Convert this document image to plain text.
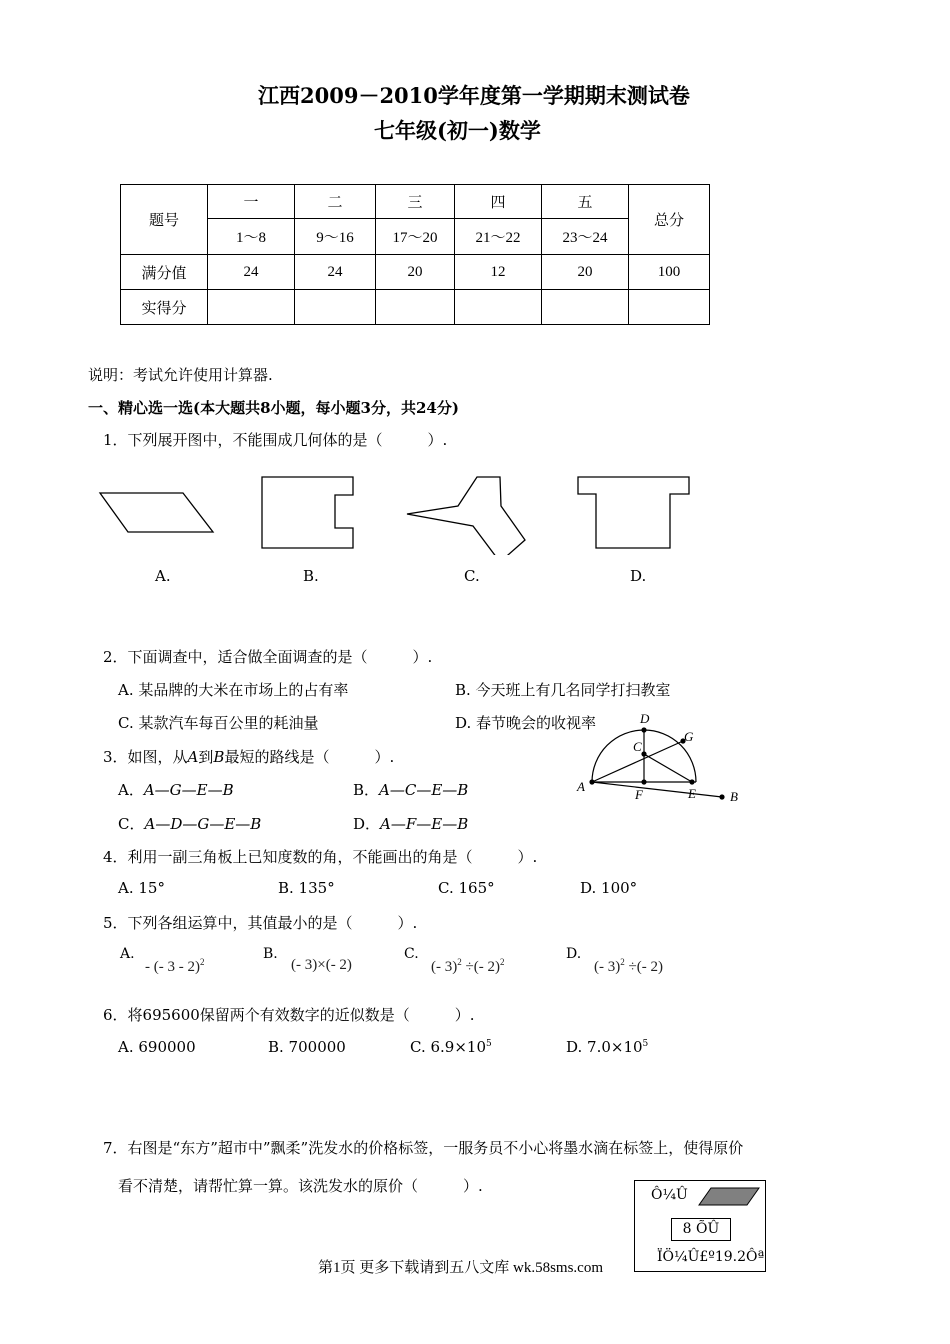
江西2009－2010学年度第一学期期末测试卷
七年级(初一)数学
题号	一	二	三	四	五	总分
	1～8	9～16	17～20	21～22	23～24	
满分值	24	24	20	12	20	100
实得分						
说明：考试允许使用计算器.
一、精心选一选(本大题共8小题，每小题3分，共24分)
1．下列展开图中，不能围成几何体的是（　　　）.
A.	B.	C.	D.
2．下面调查中，适合做全面调查的是（　　　）.
A. 某品牌的大米在市场上的占有率	B. 今天班上有几名同学打扫教室
C. 某款汽车每百公里的耗油量	D. 春节晚会的收视率
3．如图，从A到B最短的路线是（　　　）.
A．A—G—E—B	B．A—C—E—B
C．A—D—G—E—B	D．A—F—E—B
D
G
C
A
F	E	B
4．利用一副三角板上已知度数的角，不能画出的角是（　　　）.
A. 15°	B. 135°	C. 165°	D. 100°
5．下列各组运算中，其值最小的是（　　　）.
A.
- (- 3 - 2)$^2$	B.
(- 3)×(- 2)
C.
(- 3)$^2$ ÷(- 2)$^2$	D.
(- 3)$^2$ ÷(- 2)
6．将695600保留两个有效数字的近似数是（　　　）.
A. 690000	B. 700000	C. $6.9\times 10^5$	D. $7.0\times 10^5$
7．右图是“东方”超市中”飘柔”洗发水的价格标签，一服务员不小心将墨水滴在标签上，使得原价
看不清楚，请帮忙算一算。该洗发水的原价（　　　）.	Ô¼Û
8 ÕÛ
ÏÖ¼Û£º19.2Ôª
第1页 更多下载请到五八文库 wk.58sms.com
